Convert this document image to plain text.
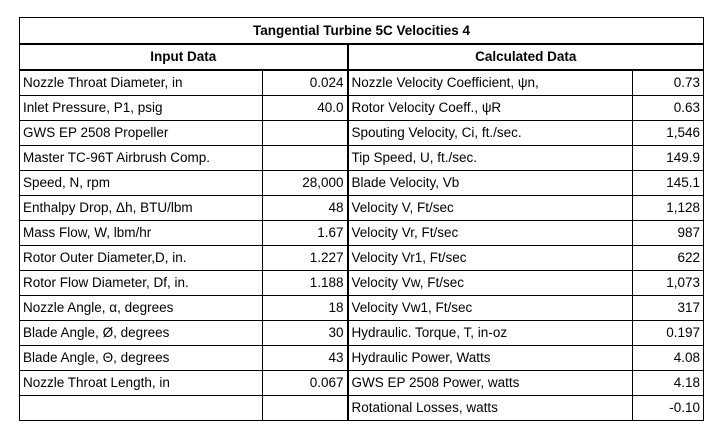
Tangential Turbine 5C Velocities 4			
Input Data		Calculated Data	
Nozzle Throat Diameter, in	0.024	Nozzle Velocity Coefficient, ψn,	0.73
Inlet Pressure, P1, psig	40.0	Rotor Velocity Coeff., ψR	0.63
GWS EP 2508 Propeller		Spouting Velocity, Ci, ft./sec.	1,546
Master TC-96T Airbrush Comp.		Tip Speed, U, ft./sec.	149.9
Speed, N, rpm	28,000	Blade Velocity, Vb	145.1
Enthalpy Drop, Δh, BTU/lbm	48	Velocity V, Ft/sec	1,128
Mass Flow, W, lbm/hr	1.67	Velocity Vr, Ft/sec	987
Rotor Outer Diameter,D, in.	1.227	Velocity Vr1, Ft/sec	622
Rotor Flow Diameter, Df, in.	1.188	Velocity Vw, Ft/sec	1,073
Nozzle Angle, α, degrees	18	Velocity Vw1, Ft/sec	317
Blade Angle, Ø, degrees	30	Hydraulic. Torque, T, in-oz	0.197
Blade Angle, Θ, degrees	43	Hydraulic Power, Watts	4.08
Nozzle Throat Length, in	0.067	GWS EP 2508 Power, watts	4.18
		Rotational Losses, watts	-0.10
